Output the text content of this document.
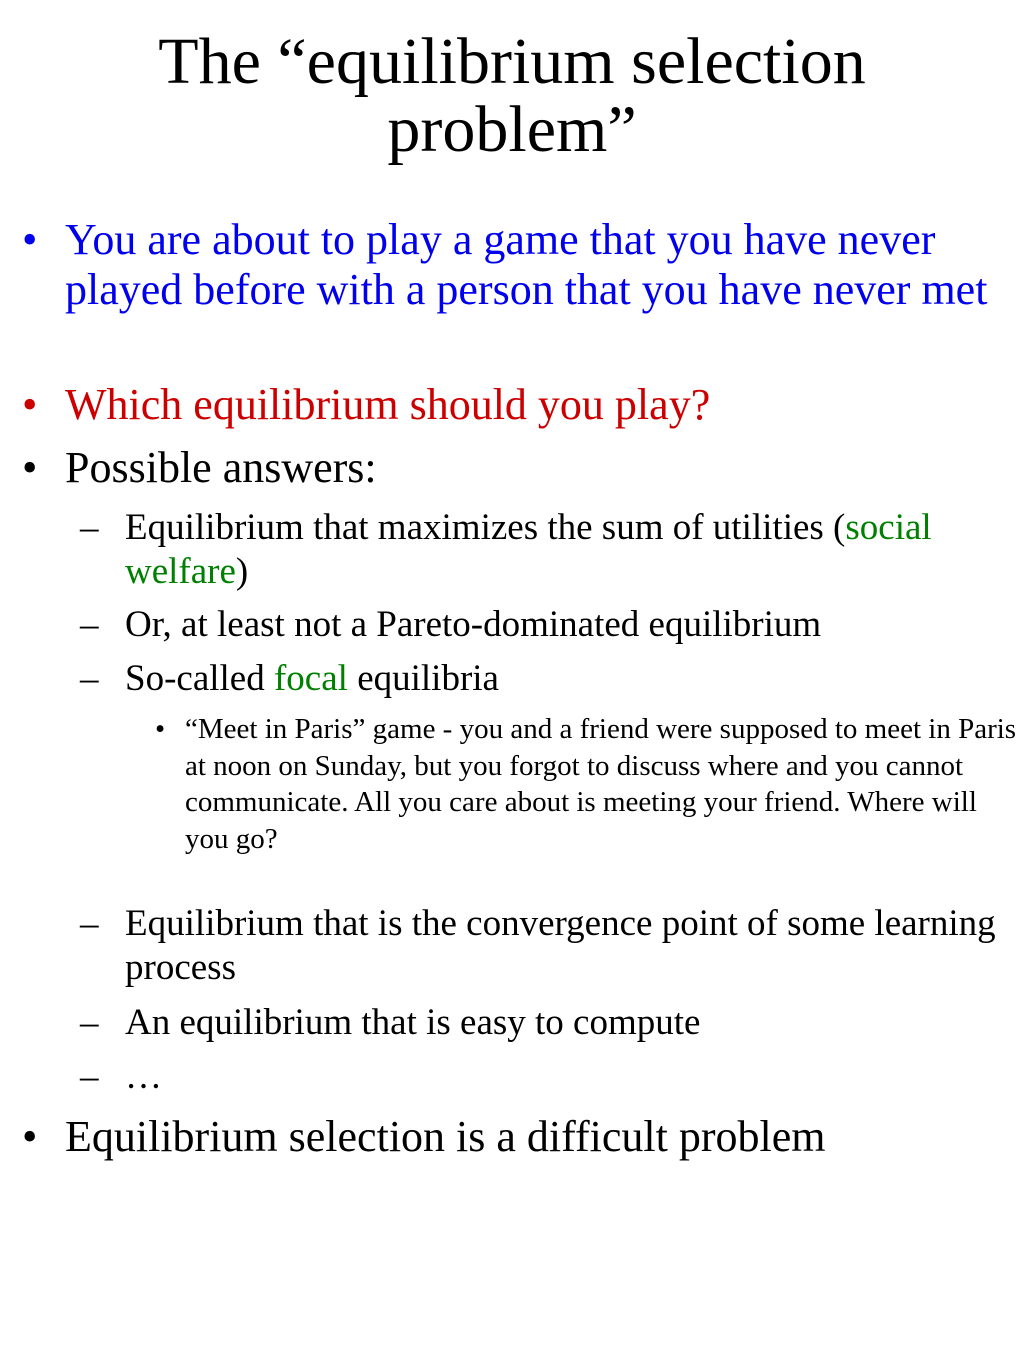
The “equilibrium selection
problem”
• You are about to play a game that you have never played before with a person that you have never met
• Which equilibrium should you play?
• Possible answers:
– Equilibrium that maximizes the sum of utilities (social welfare)
– Or, at least not a Pareto-dominated equilibrium
– So-called focal equilibria
• “Meet in Paris” game - you and a friend were supposed to meet in Paris at noon on Sunday, but you forgot to discuss where and you cannot communicate. All you care about is meeting your friend. Where will you go?
– Equilibrium that is the convergence point of some learning process
– An equilibrium that is easy to compute
– …
• Equilibrium selection is a difficult problem
